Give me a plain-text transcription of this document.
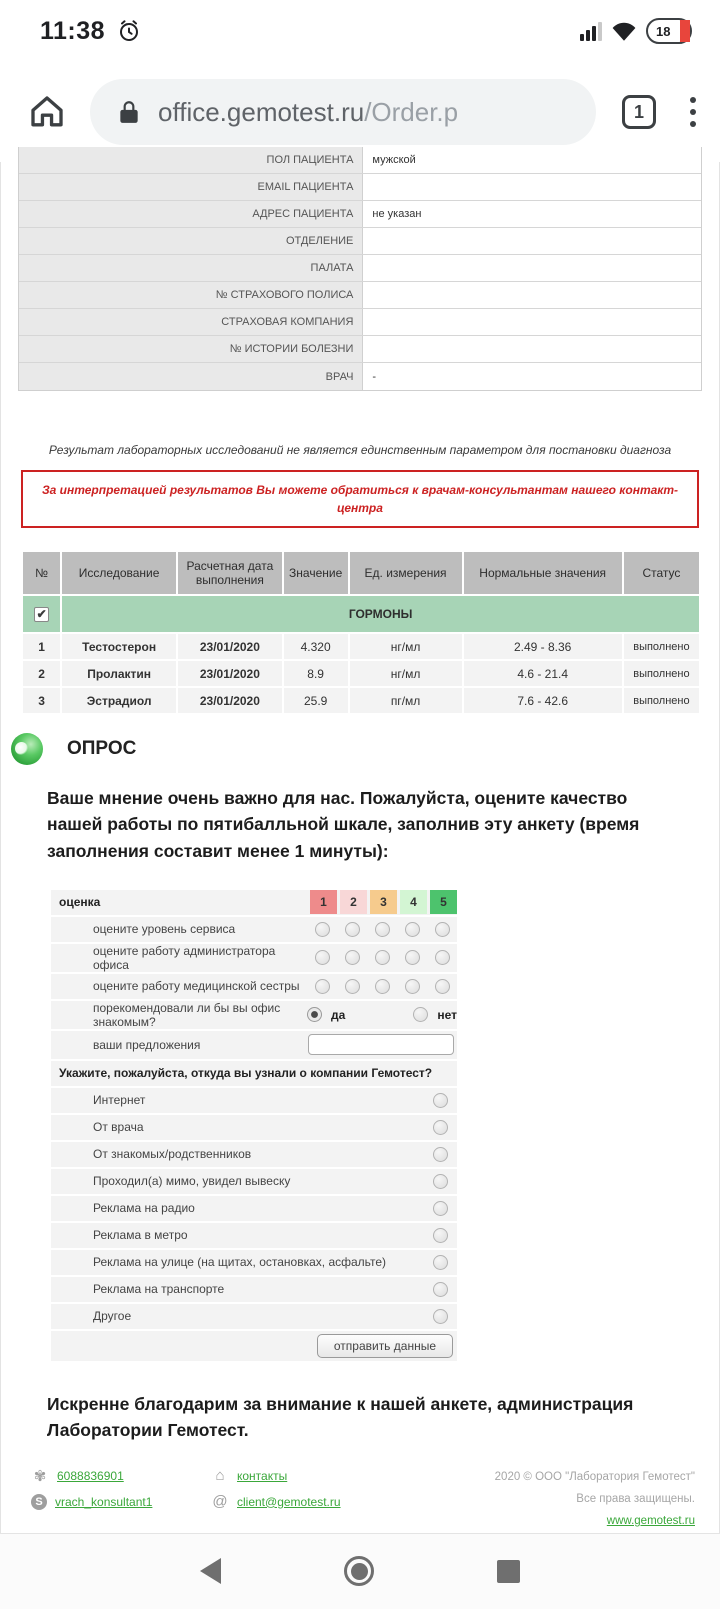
11:38	18
office.gemotest.ru/Order.p	1
ПОЛ ПАЦИЕНТА	мужской
EMAIL ПАЦИЕНТА
АДРЕС ПАЦИЕНТА	не указан
ОТДЕЛЕНИЕ
ПАЛАТА
№ СТРАХОВОГО ПОЛИСА
СТРАХОВАЯ КОМПАНИЯ
№ ИСТОРИИ БОЛЕЗНИ
ВРАЧ	-
Результат лабораторных исследований не является единственным параметром для постановки диагноза
За интерпретацией результатов Вы можете обратиться к врачам-консультантам нашего контакт-центра
№	Исследование	Расчетная дата выполнения	Значение	Ед. измерения	Нормальные значения	Статус
✔	ГОРМОНЫ					
1	Тестостерон	23/01/2020	4.320	нг/мл	2.49 - 8.36	выполнено
2	Пролактин	23/01/2020	8.9	нг/мл	4.6 - 21.4	выполнено
3	Эстрадиол	23/01/2020	25.9	пг/мл	7.6 - 42.6	выполнено
ОПРОС
Ваше мнение очень важно для нас. Пожалуйста, оцените качество нашей работы по пятибалльной шкале, заполнив эту анкету (время заполнения составит менее 1 минуты):
оценка	1	2	3	4	5
оцените уровень сервиса
оцените работу администратора офиса
оцените работу медицинской сестры
порекомендовали ли бы вы офис знакомым?	да	нет
ваши предложения
Укажите, пожалуйста, откуда вы узнали о компании Гемотест?
Интернет
От врача
От знакомых/родственников
Проходил(а) мимо, увидел вывеску
Реклама на радио
Реклама в метро
Реклама на улице (на щитах, остановках, асфальте)
Реклама на транспорте
Другое
отправить данные
Искренне благодарим за внимание к нашей анкете, администрация Лаборатории Гемотест.
✾ 6088836901
S	vrach_konsultant1
⌂	контакты
@ client@gemotest.ru
2020 © ООО "Лаборатория Гемотест"
Все права защищены.
www.gemotest.ru
